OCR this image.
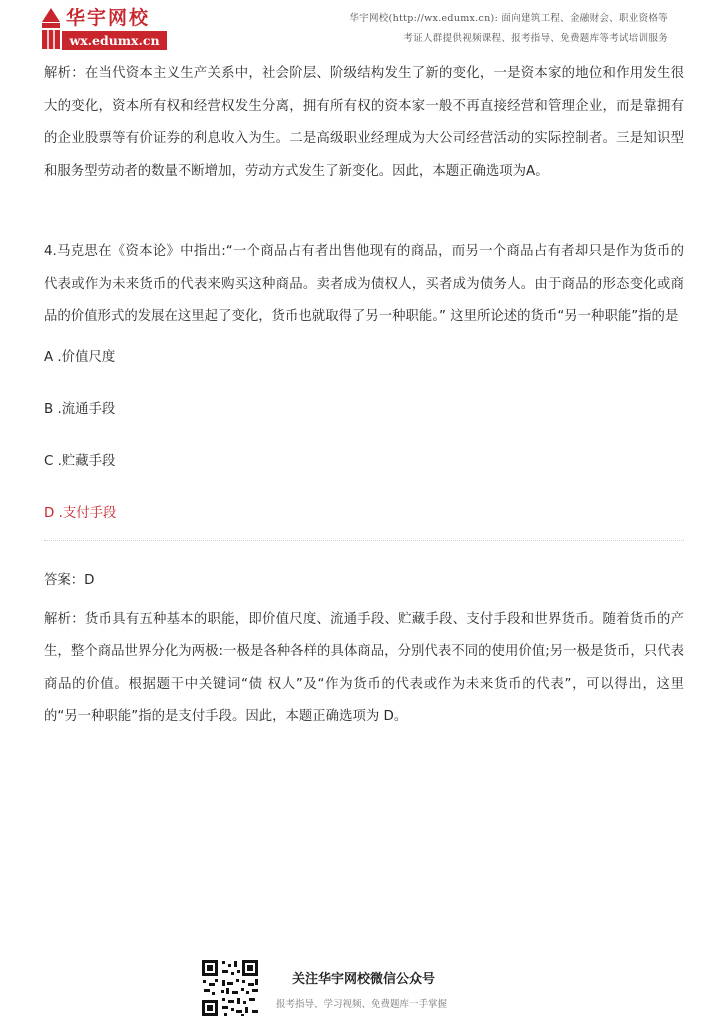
华宇网校
wx.edumx.cn
华宇网校(http://wx.edumx.cn): 面向建筑工程、金融财会、职业资格等
考证人群提供视频课程、报考指导、免费题库等考试培训服务

解析：在当代资本主义生产关系中，社会阶层、阶级结构发生了新的变化，一是资本家的地位和作用发生很大的变化，资本所有权和经营权发生分离，拥有所有权的资本家一般不再直接经营和管理企业，而是靠拥有的企业股票等有价证券的利息收入为生。二是高级职业经理成为大公司经营活动的实际控制者。三是知识型和服务型劳动者的数量不断增加，劳动方式发生了新变化。因此，本题正确选项为A。

4.马克思在《资本论》中指出:“一个商品占有者出售他现有的商品，而另一个商品占有者却只是作为货币的代表或作为未来货币的代表来购买这种商品。卖者成为债权人，买者成为债务人。由于商品的形态变化或商品的价值形式的发展在这里起了变化，货币也就取得了另一种职能。” 这里所论述的货币“另一种职能”指的是

A .价值尺度

B .流通手段

C .贮藏手段

D .支付手段

答案：D

解析：货币具有五种基本的职能，即价值尺度、流通手段、贮藏手段、支付手段和世界货币。随着货币的产生，整个商品世界分化为两极:一极是各种各样的具体商品，分别代表不同的使用价值;另一极是货币，只代表商品的价值。根据题干中关键词“债 权人”及“作为货币的代表或作为未来货币的代表”，可以得出，这里的“另一种职能”指的是支付手段。因此，本题正确选项为 D。

关注华宇网校微信公众号
报考指导、学习视频、免费题库一手掌握
